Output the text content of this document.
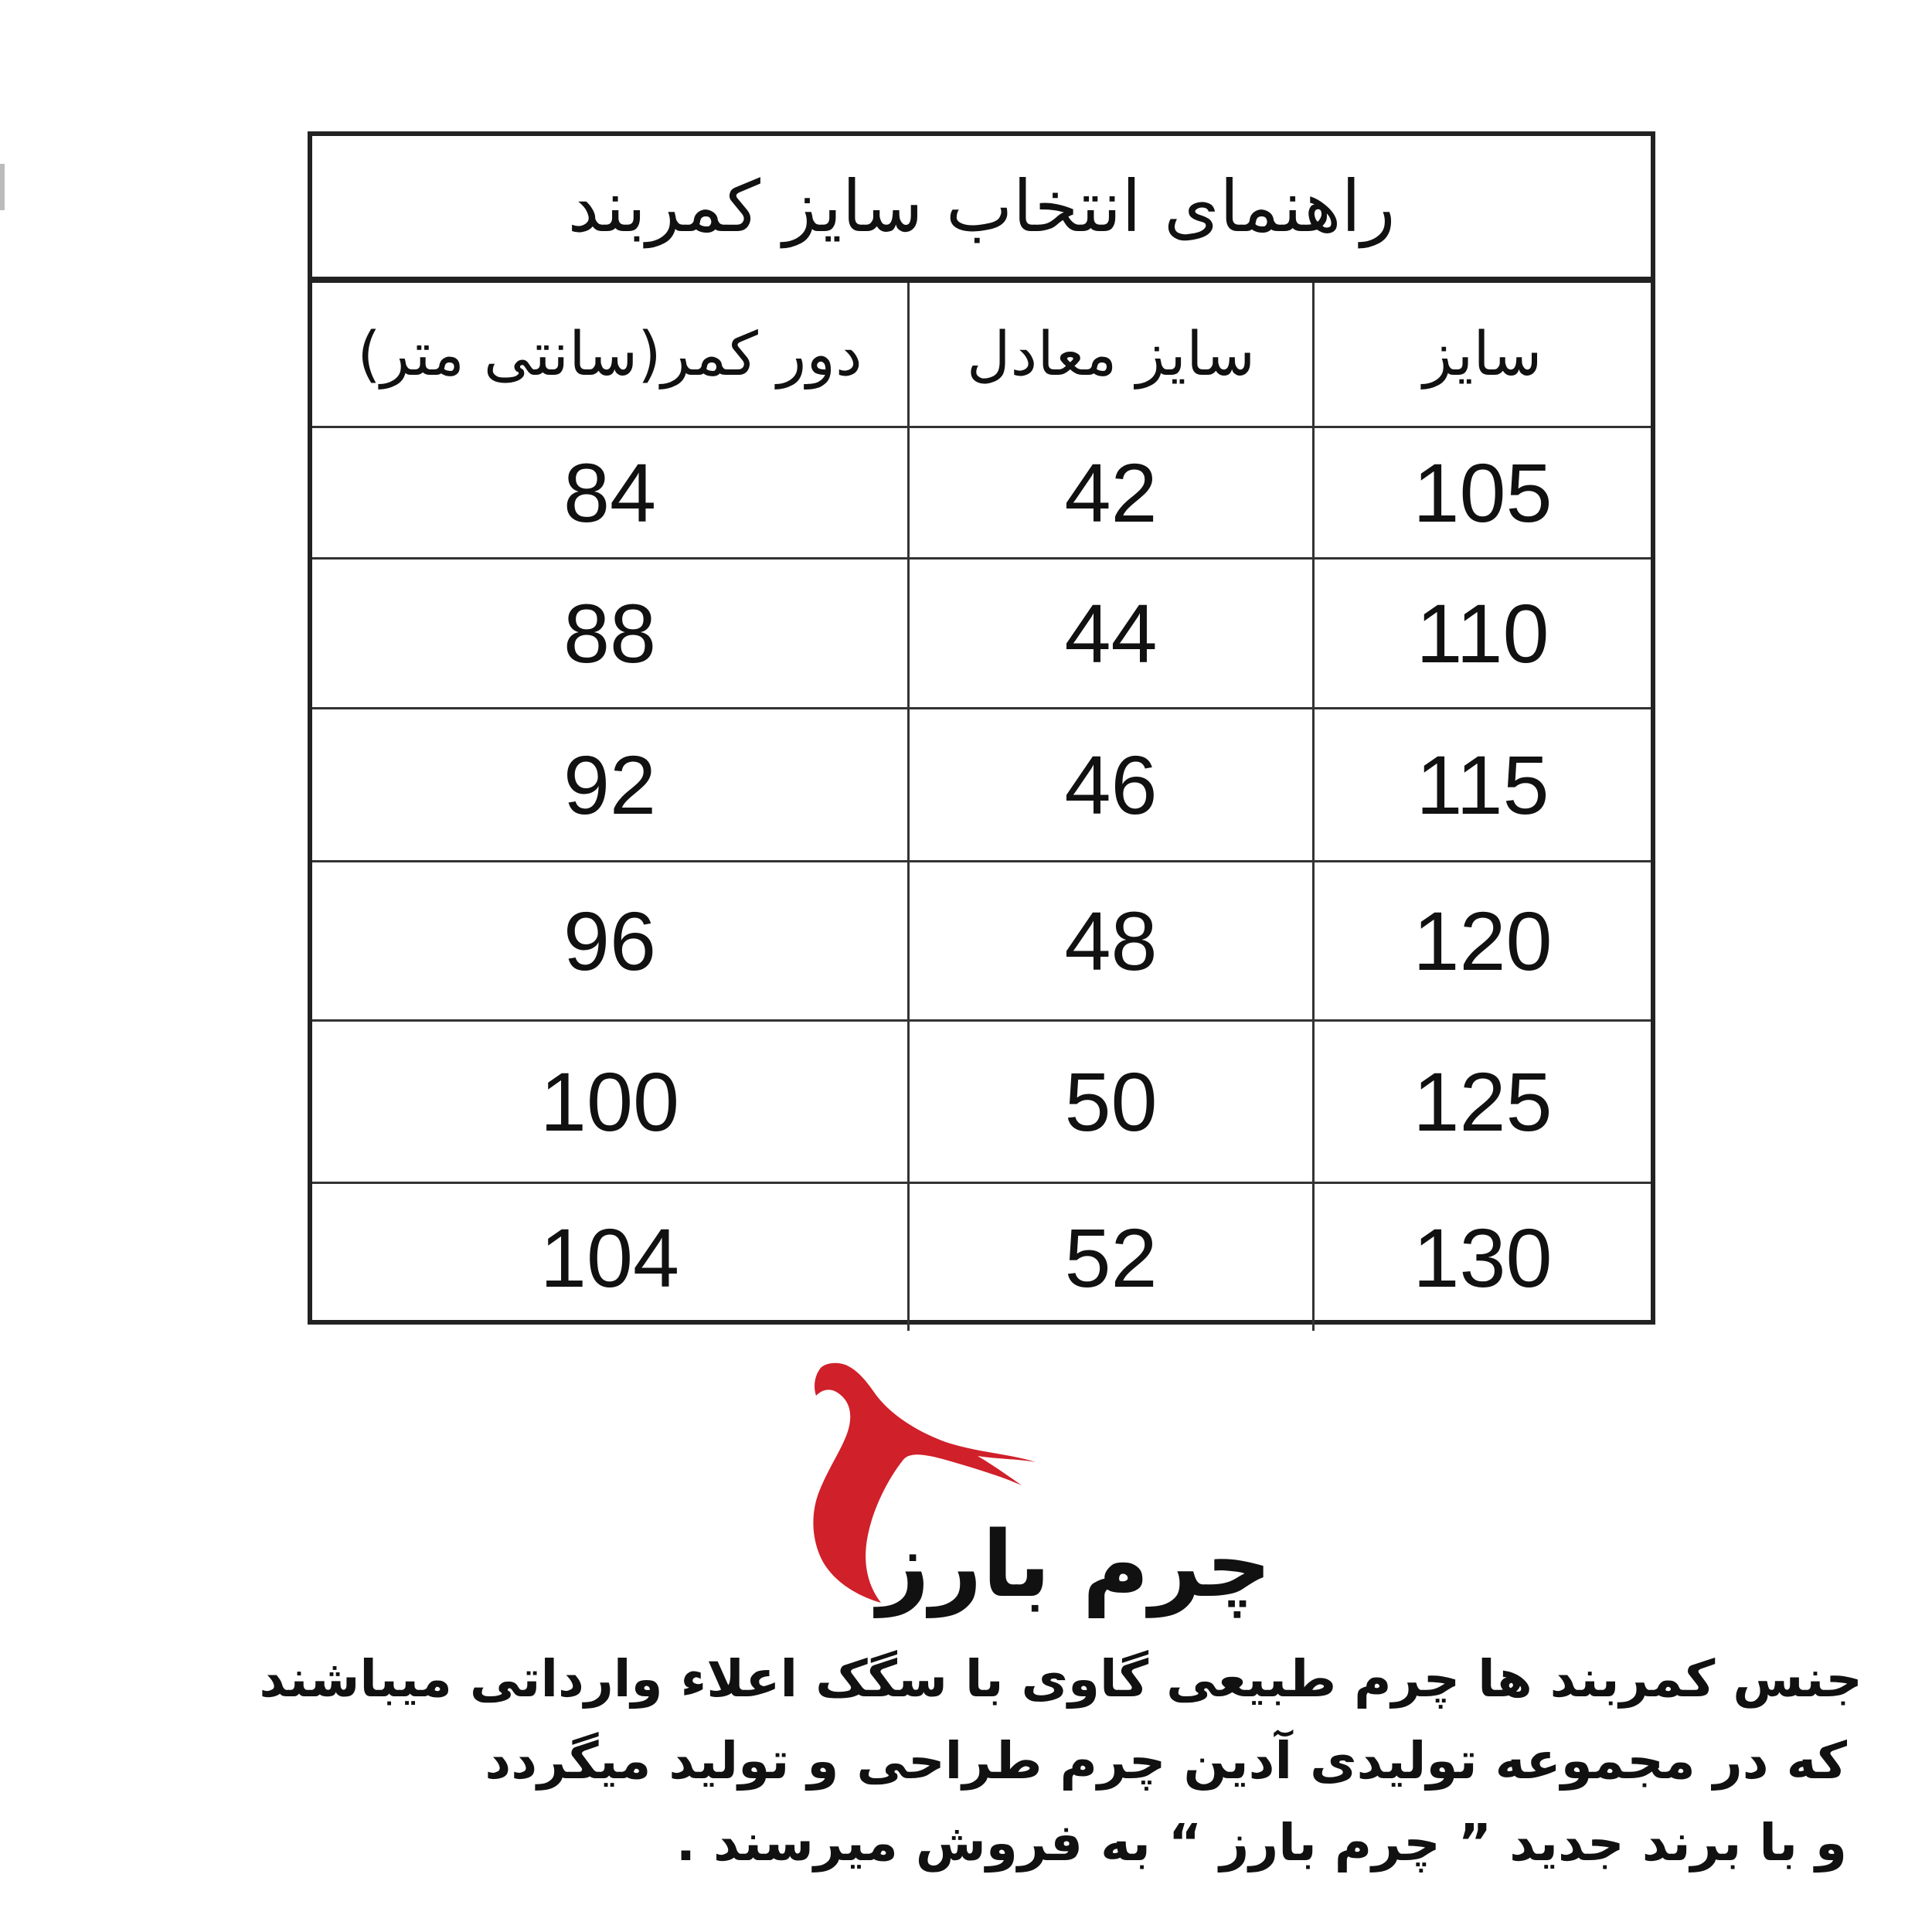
راهنمای انتخاب سایز کمربند
سایز
سایز معادل
دور کمر(سانتی متر)
105
42
84
110
44
88
115
46
92
120
48
96
125
50
100
130
52
104
چرم بارز
جنس کمربند ها چرم طبیعی گاوی با سگک اعلاء وارداتی میباشند
که در مجموعه تولیدی آدین چرم طراحی و تولید میگردد
و با برند جدید ” چرم بارز “ به فروش میرسند .
